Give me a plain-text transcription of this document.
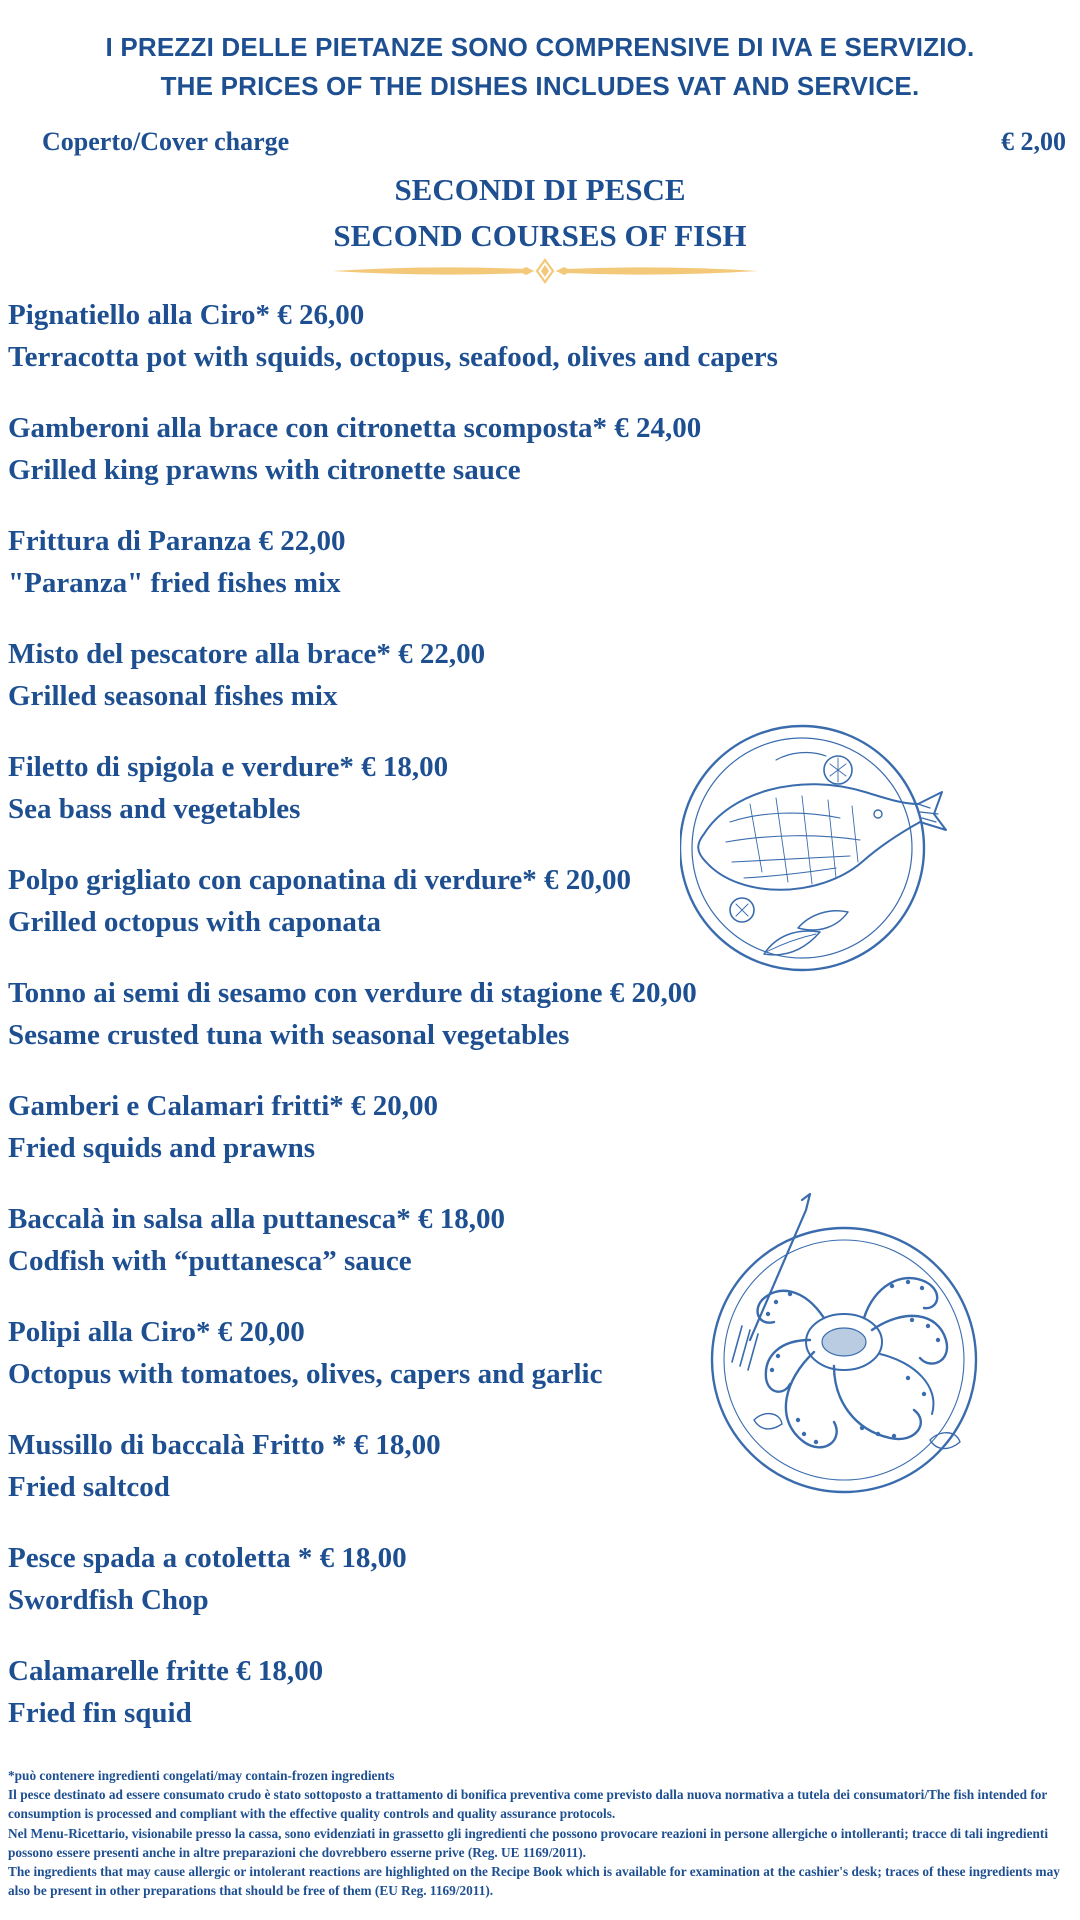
I PREZZI DELLE PIETANZE SONO COMPRENSIVE DI IVA E SERVIZIO.
THE PRICES OF THE DISHES INCLUDES VAT AND SERVICE.
Coperto/Cover charge	€ 2,00
SECONDI DI PESCE
SECOND COURSES OF FISH
Pignatiello alla Ciro* € 26,00
Terracotta pot with squids, octopus, seafood, olives and capers
Gamberoni alla brace con citronetta scomposta* € 24,00
Grilled king prawns with citronette sauce
Frittura di Paranza € 22,00
"Paranza" fried fishes mix
Misto del pescatore alla brace* € 22,00
Grilled seasonal fishes mix
Filetto di spigola e verdure* € 18,00
Sea bass and vegetables
Polpo grigliato con caponatina di verdure* € 20,00
Grilled octopus with caponata
Tonno ai semi di sesamo con verdure di stagione € 20,00
Sesame crusted tuna with seasonal vegetables
Gamberi e Calamari fritti* € 20,00
Fried squids and prawns
Baccalà in salsa alla puttanesca* € 18,00
Codfish with “puttanesca” sauce
Polipi alla Ciro* € 20,00
Octopus with tomatoes, olives, capers and garlic
Mussillo di baccalà Fritto * € 18,00
Fried saltcod
Pesce spada a cotoletta * € 18,00
Swordfish Chop
Calamarelle fritte € 18,00
Fried fin squid

*può contenere ingredienti congelati/may contain-frozen ingredients

Il pesce destinato ad essere consumato crudo è stato sottoposto a trattamento di bonifica preventiva come previsto dalla nuova normativa a tutela dei consumatori/The fish intended for consumption is processed and compliant with the effective quality controls and quality assurance protocols.

Nel Menu-Ricettario, visionabile presso la cassa, sono evidenziati in grassetto gli ingredienti che possono provocare reazioni in persone allergiche o intolleranti; tracce di tali ingredienti possono essere presenti anche in altre preparazioni che dovrebbero esserne prive (Reg. UE 1169/2011).

The ingredients that may cause allergic or intolerant reactions are highlighted on the Recipe Book which is available for examination at the cashier's desk; traces of these ingredients may also be present in other preparations that should be free of them (EU Reg. 1169/2011).
